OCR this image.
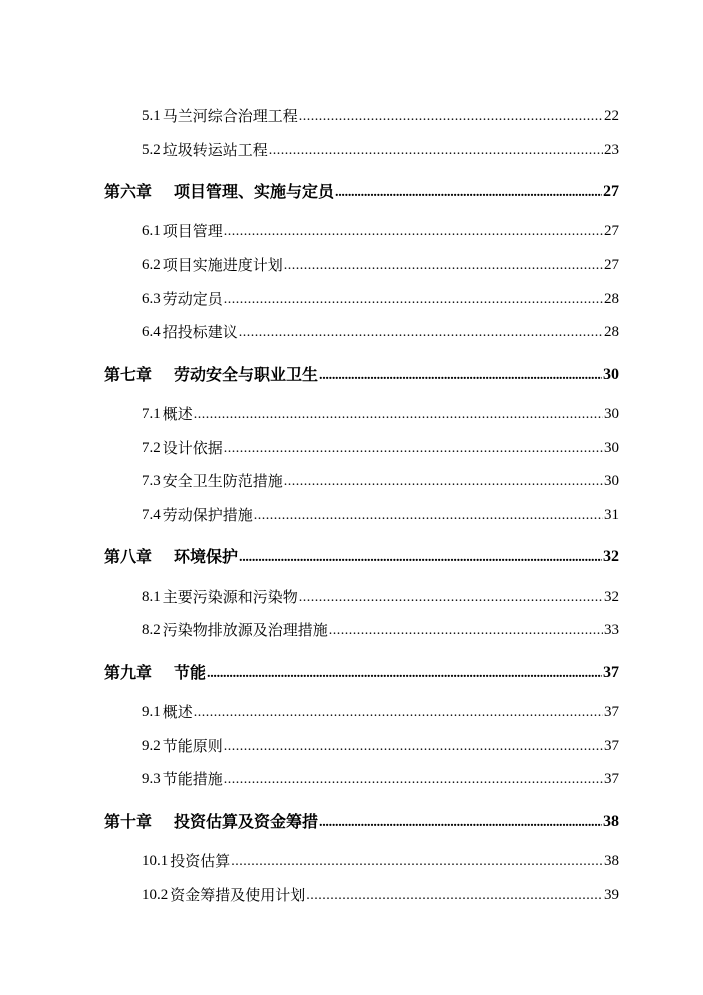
5.1 马兰河综合治理工程 .....	22
5.2 垃圾转运站工程 .....	23
第六章 项目管理、实施与定员 .....	27
6.1 项目管理 .....	27
6.2 项目实施进度计划 .....	27
6.3 劳动定员 .....	28
6.4 招投标建议 .....	28
第七章 劳动安全与职业卫生 .....	30
7.1 概述 .....	30
7.2 设计依据 .....	30
7.3 安全卫生防范措施 .....	30
7.4 劳动保护措施 .....	31
第八章 环境保护 .....	32
8.1 主要污染源和污染物 .....	32
8.2 污染物排放源及治理措施 .....	33
第九章 节能 .....	37
9.1 概述 .....	37
9.2 节能原则 .....	37
9.3 节能措施 .....	37
第十章 投资估算及资金筹措 .....	38
10.1 投资估算 .....	38
10.2 资金筹措及使用计划 .....	39
